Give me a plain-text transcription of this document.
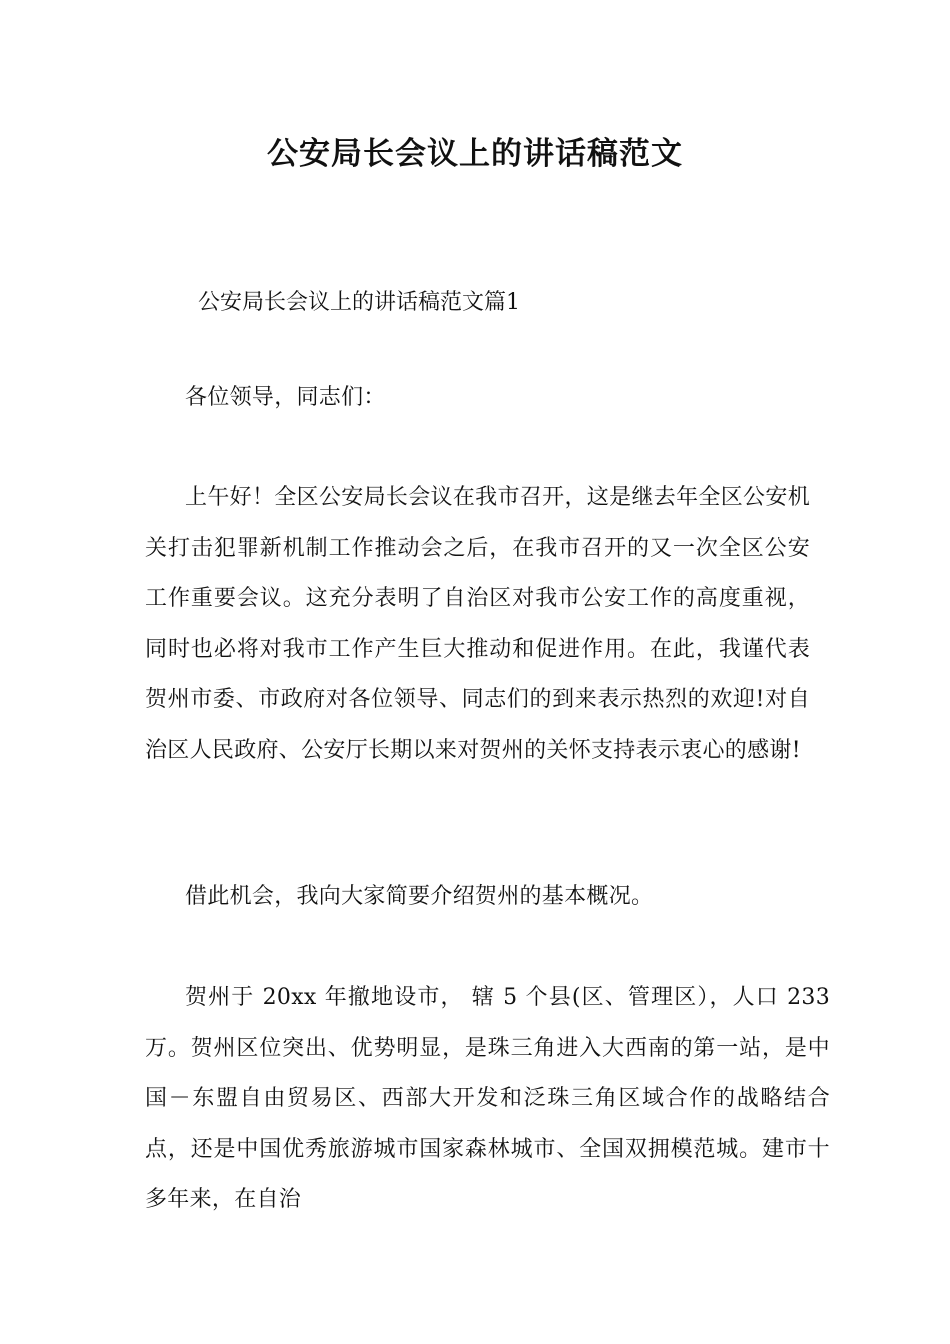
公安局长会议上的讲话稿范文

公安局长会议上的讲话稿范文篇1

各位领导，同志们：

上午好！全区公安局长会议在我市召开，这是继去年全区公安机关打击犯罪新机制工作推动会之后，在我市召开的又一次全区公安工作重要会议。这充分表明了自治区对我市公安工作的高度重视，同时也必将对我市工作产生巨大推动和促进作用。在此，我谨代表贺州市委、市政府对各位领导、同志们的到来表示热烈的欢迎!对自治区人民政府、公安厅长期以来对贺州的关怀支持表示衷心的感谢!

借此机会，我向大家简要介绍贺州的基本概况。

贺州于 20xx 年撤地设市， 辖 5 个县(区、管理区），人口 233 万。贺州区位突出、优势明显，是珠三角进入大西南的第一站，是中国－东盟自由贸易区、西部大开发和泛珠三角区域合作的战略结合点，还是中国优秀旅游城市国家森林城市、全国双拥模范城。建市十多年来，在自治
